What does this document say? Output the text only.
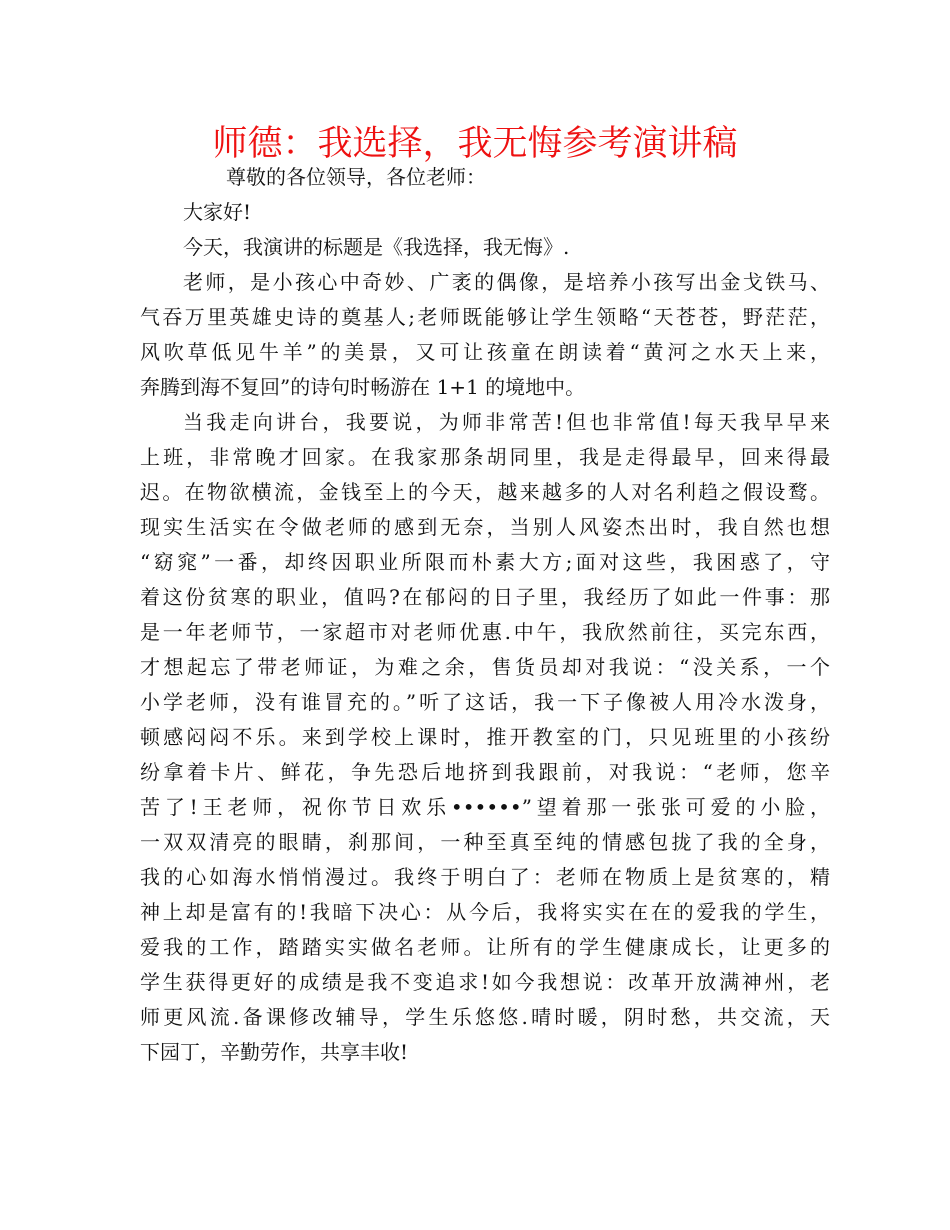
师德：我选择，我无悔参考演讲稿
尊敬的各位领导，各位老师：
大家好!
今天，我演讲的标题是《我选择，我无悔》.
老师，是小孩心中奇妙、广袤的偶像，是培养小孩写出金戈铁马、
气吞万里英雄史诗的奠基人;老师既能够让学生领略“天苍苍，野茫茫，
风吹草低见牛羊”的美景，又可让孩童在朗读着“黄河之水天上来，
奔腾到海不复回”的诗句时畅游在 1+1 的境地中。
当我走向讲台，我要说，为师非常苦!但也非常值!每天我早早来
上班，非常晚才回家。在我家那条胡同里，我是走得最早，回来得最
迟。在物欲横流，金钱至上的今天，越来越多的人对名利趋之假设鹜。
现实生活实在令做老师的感到无奈，当别人风姿杰出时，我自然也想
“窈窕”一番，却终因职业所限而朴素大方;面对这些，我困惑了，守
着这份贫寒的职业，值吗?在郁闷的日子里，我经历了如此一件事：那
是一年老师节，一家超市对老师优惠.中午，我欣然前往，买完东西，
才想起忘了带老师证，为难之余，售货员却对我说：“没关系，一个
小学老师，没有谁冒充的。”听了这话，我一下子像被人用冷水泼身，
顿感闷闷不乐。来到学校上课时，推开教室的门，只见班里的小孩纷
纷拿着卡片、鲜花，争先恐后地挤到我跟前，对我说：“老师，您辛
苦了!王老师，祝你节日欢乐••••••”望着那一张张可爱的小脸，
一双双清亮的眼睛，刹那间，一种至真至纯的情感包拢了我的全身，
我的心如海水悄悄漫过。我终于明白了：老师在物质上是贫寒的，精
神上却是富有的!我暗下决心：从今后，我将实实在在的爱我的学生，
爱我的工作，踏踏实实做名老师。让所有的学生健康成长，让更多的
学生获得更好的成绩是我不变追求!如今我想说：改革开放满神州，老
师更风流.备课修改辅导，学生乐悠悠.晴时暖，阴时愁，共交流，天
下园丁，辛勤劳作，共享丰收!
